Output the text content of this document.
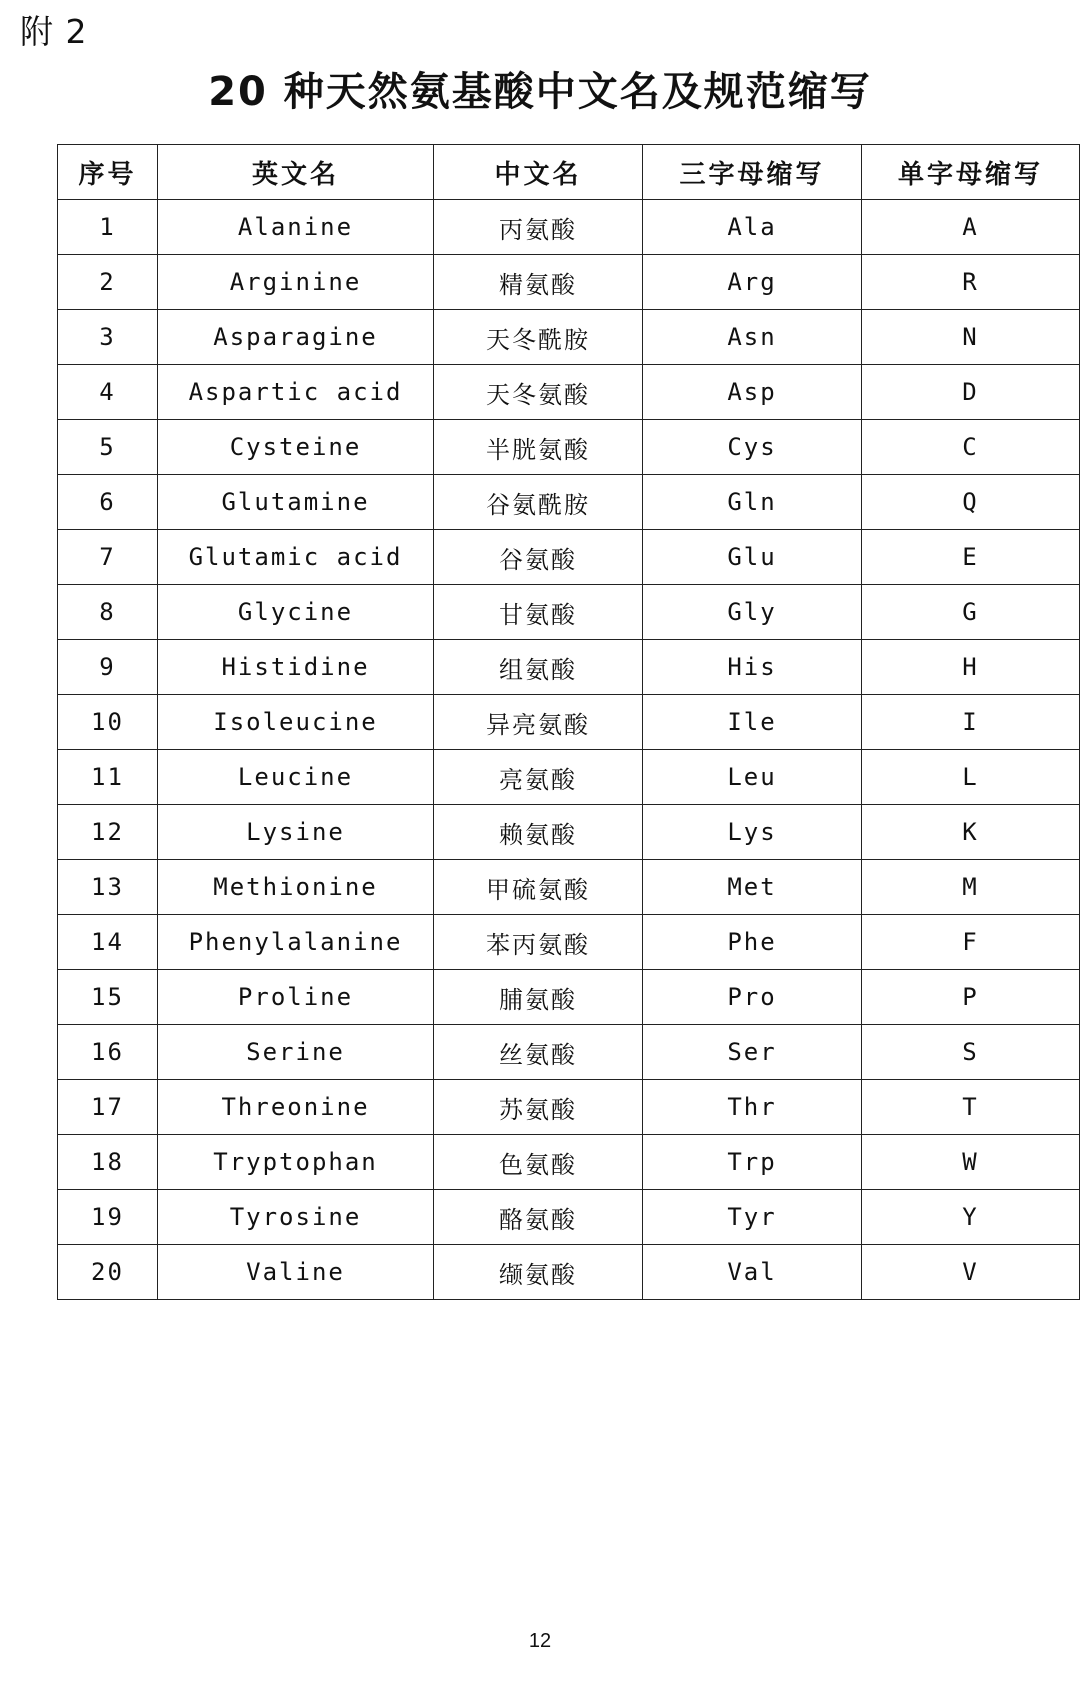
附 2
20 种天然氨基酸中文名及规范缩写
序号	英文名	中文名	三字母缩写	单字母缩写
1	Alanine	丙氨酸	Ala	A
2	Arginine	精氨酸	Arg	R
3	Asparagine	天冬酰胺	Asn	N
4	Aspartic acid	天冬氨酸	Asp	D
5	Cysteine	半胱氨酸	Cys	C
6	Glutamine	谷氨酰胺	Gln	Q
7	Glutamic acid	谷氨酸	Glu	E
8	Glycine	甘氨酸	Gly	G
9	Histidine	组氨酸	His	H
10	Isoleucine	异亮氨酸	Ile	I
11	Leucine	亮氨酸	Leu	L
12	Lysine	赖氨酸	Lys	K
13	Methionine	甲硫氨酸	Met	M
14	Phenylalanine	苯丙氨酸	Phe	F
15	Proline	脯氨酸	Pro	P
16	Serine	丝氨酸	Ser	S
17	Threonine	苏氨酸	Thr	T
18	Tryptophan	色氨酸	Trp	W
19	Tyrosine	酪氨酸	Tyr	Y
20	Valine	缬氨酸	Val	V
12
